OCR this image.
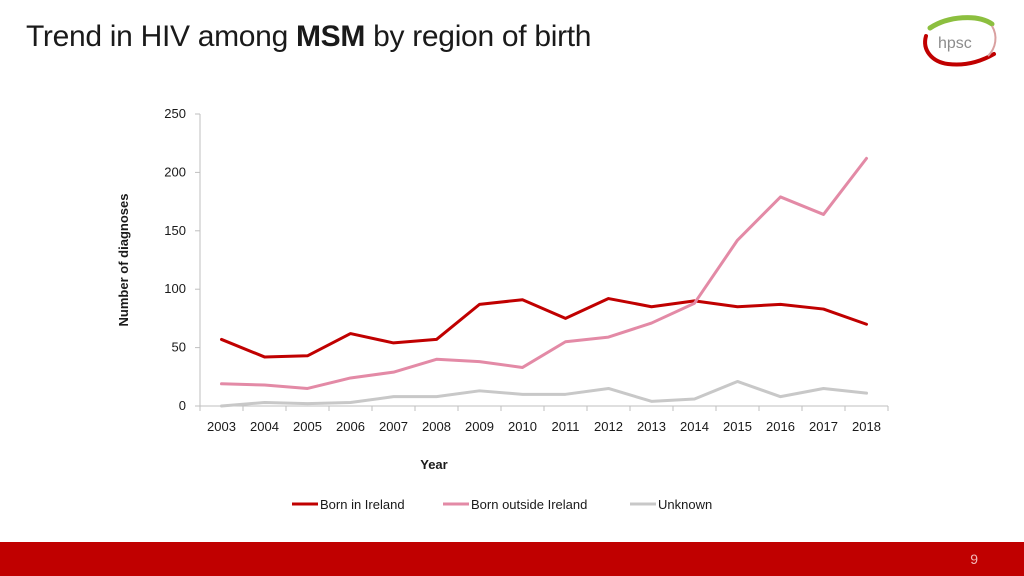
Trend in HIV among MSM by region of birth	hpsc
0
50
100
150
200
250
2003 2004 2005 2006 2007 2008 2009 2010 2011 2012 2013 2014 2015 2016 2017 2018
Number of diagnoses
Year
Born in Ireland	Born outside Ireland	Unknown
9
